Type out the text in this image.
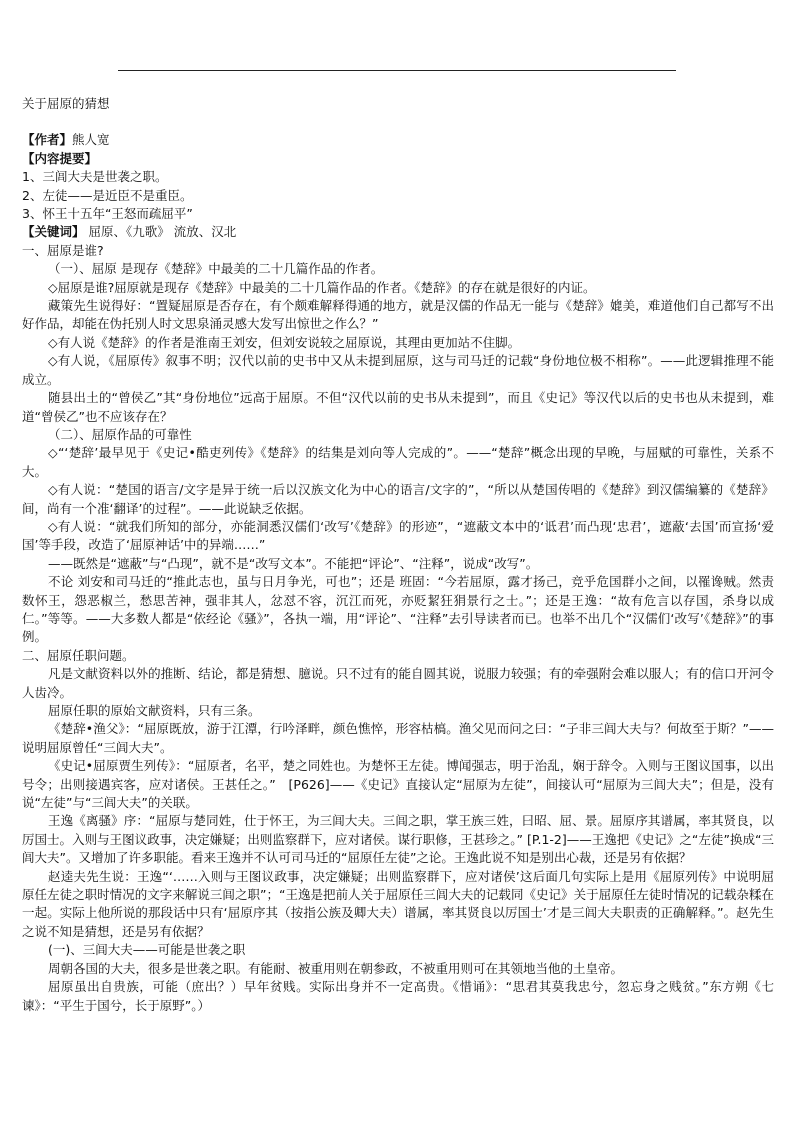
关于屈原的猜想

【作者】熊人宽

【内容提要】

1、三闾大夫是世袭之职。

2、左徒——是近臣不是重臣。

3、怀王十五年“王怒而疏屈平”

【关键词】 屈原、《九歌》 流放、汉北

一、屈原是谁?

（一）、屈原 是现存《楚辞》中最美的二十几篇作品的作者。

◇屈原是谁?屈原就是现存《楚辞》中最美的二十几篇作品的作者。《楚辞》的存在就是很好的内证。

藏策先生说得好：“置疑屈原是否存在，有个颇难解释得通的地方，就是汉儒的作品无一能与《楚辞》媲美，难道他们自己都写不出好作品，却能在伪托别人时文思泉涌灵感大发写出惊世之作么？”

◇有人说《楚辞》的作者是淮南王刘安，但刘安说较之屈原说，其理由更加站不住脚。

◇有人说，《屈原传》叙事不明；汉代以前的史书中又从未提到屈原，这与司马迁的记载“身份地位极不相称”。——此逻辑推理不能成立。

随县出土的“曾侯乙”其“身份地位”远高于屈原。不但“汉代以前的史书从未提到”，而且《史记》等汉代以后的史书也从未提到，难道“曾侯乙”也不应该存在？

（二）、屈原作品的可靠性

◇“‘楚辞’最早见于《史记•酷吏列传》《楚辞》的结集是刘向等人完成的”。——“楚辞”概念出现的早晚，与屈赋的可靠性，关系不大。

◇有人说：“楚国的语言/文字是异于统一后以汉族文化为中心的语言/文字的”，“所以从楚国传唱的《楚辞》到汉儒编纂的《楚辞》间，尚有一个准‘翻译’的过程”。——此说缺乏依据。

◇有人说：“就我们所知的部分，亦能洞悉汉儒们‘改写’《楚辞》的形迹”，“遮蔽文本中的‘诋君’而凸现‘忠君’，遮蔽‘去国’而宣扬‘爱国’等手段，改造了‘屈原神话’中的异端……”

——既然是“遮蔽”与“凸现”，就不是“改写文本”。不能把“评论”、“注释”，说成“改写”。

不论 刘安和司马迁的“推此志也，虽与日月争光，可也”；还是 班固：“今若屈原，露才扬己，竞乎危国群小之间，以罹谗贼。然责数怀王，怨恶椒兰，愁思苦神，强非其人，忿怼不容，沉江而死，亦贬絜狂狷景行之士。”；还是王逸：“故有危言以存国，杀身以成仁。”等等。——大多数人都是“依经论《骚》”，各执一端，用“评论”、“注释”去引导读者而已。也举不出几个“汉儒们‘改写’《楚辞》”的事例。

二、屈原任职问题。

凡是文献资料以外的推断、结论，都是猜想、臆说。只不过有的能自圆其说，说服力较强；有的牵强附会难以服人；有的信口开河令人齿冷。

屈原任职的原始文献资料，只有三条。

《楚辞•渔父》：“屈原既放，游于江潭，行吟泽畔，颜色憔悴，形容枯槁。渔父见而问之曰：“子非三闾大夫与？何故至于斯？”——说明屈原曾任“三闾大夫”。

《史记•屈原贾生列传》：“屈原者，名平，楚之同姓也。为楚怀王左徒。博闻强志，明于治乱，娴于辞令。入则与王图议国事，以出号令；出则接遇宾客，应对诸侯。王甚任之。”　[P626]——《史记》直接认定“屈原为左徒”，间接认可“屈原为三闾大夫”；但是，没有说“左徒”与“三闾大夫”的关联。

王逸《离骚》序：“屈原与楚同姓，仕于怀王，为三闾大夫。三闾之职，掌王族三姓，曰昭、屈、景。屈原序其谱属，率其贤良，以厉国士。入则与王图议政事，决定嫌疑；出则监察群下，应对诸侯。谋行职修，王甚珍之。” [P.1-2]——王逸把《史记》之“左徒”换成“三闾大夫”。又增加了许多职能。看来王逸并不认可司马迁的“屈原任左徒”之论。王逸此说不知是别出心裁，还是另有依据？

赵逵夫先生说：王逸“‘……入则与王图议政事，决定嫌疑；出则监察群下，应对诸侯’这后面几句实际上是用《屈原列传》中说明屈原任左徒之职时情况的文字来解说三闾之职”；“王逸是把前人关于屈原任三闾大夫的记载同《史记》关于屈原任左徒时情况的记载杂糅在一起。实际上他所说的那段话中只有‘屈原序其（按指公族及卿大夫）谱属，率其贤良以厉国士’才是三闾大夫职责的正确解释。”。赵先生之说不知是猜想，还是另有依据？

(一)、三闾大夫——可能是世袭之职

周朝各国的大夫，很多是世袭之职。有能耐、被重用则在朝参政，不被重用则可在其领地当他的土皇帝。

屈原虽出自贵族，可能（庶出？）早年贫贱。实际出身并不一定高贵。《惜诵》：“思君其莫我忠兮，忽忘身之贱贫。”东方朔《七谏》：“平生于国兮，长于原野”。）
